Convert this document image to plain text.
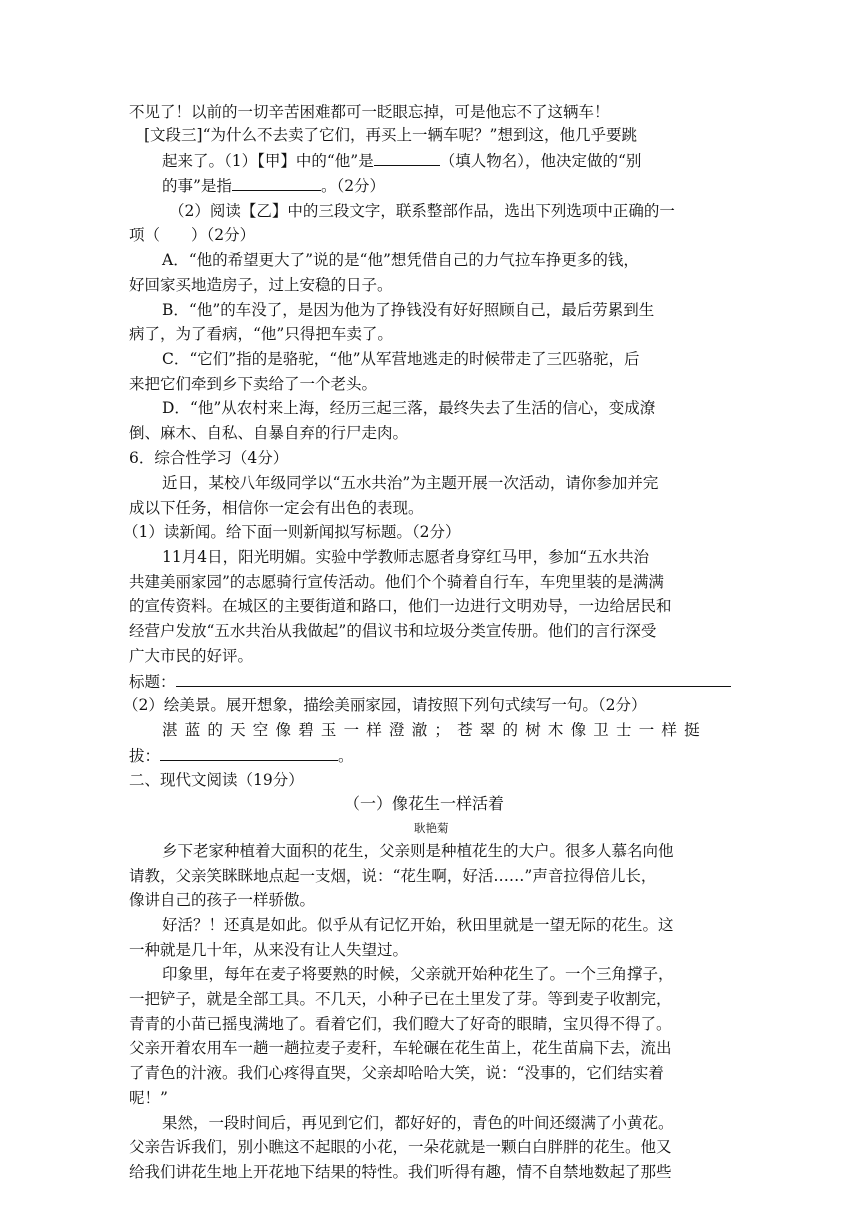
不见了！以前的一切辛苦困难都可一眨眼忘掉，可是他忘不了这辆车！
[文段三]“为什么不去卖了它们，再买上一辆车呢？”想到这，他几乎要跳
起来了。（1）【甲】中的“他”是	（填人物名），他决定做的“别
的事”是指	。（2分）
（2）阅读【乙】中的三段文字，联系整部作品，选出下列选项中正确的一
项（　　）（2分）
A．“他的希望更大了”说的是“他”想凭借自己的力气拉车挣更多的钱，
好回家买地造房子，过上安稳的日子。
B．“他”的车没了，是因为他为了挣钱没有好好照顾自己，最后劳累到生
病了，为了看病，“他”只得把车卖了。
C．“它们”指的是骆驼，“他”从军营地逃走的时候带走了三匹骆驼，后
来把它们牵到乡下卖给了一个老头。
D．“他”从农村来上海，经历三起三落，最终失去了生活的信心，变成潦
倒、麻木、自私、自暴自弃的行尸走肉。
6．综合性学习（4分）
近日，某校八年级同学以“五水共治”为主题开展一次活动，请你参加并完
成以下任务，相信你一定会有出色的表现。
（1）读新闻。给下面一则新闻拟写标题。（2分）
11月4日，阳光明媚。实验中学教师志愿者身穿红马甲，参加“五水共治
共建美丽家园”的志愿骑行宣传活动。他们个个骑着自行车，车兜里装的是满满
的宣传资料。在城区的主要街道和路口，他们一边进行文明劝导，一边给居民和
经营户发放“五水共治从我做起”的倡议书和垃圾分类宣传册。他们的言行深受
广大市民的好评。
标题：
（2）绘美景。展开想象，描绘美丽家园，请按照下列句式续写一句。（2分）
湛蓝的天空像碧玉一样澄澈；苍翠的树木像卫士一样挺
拔：	。
二、现代文阅读（19分）
（一）像花生一样活着
耿艳菊
乡下老家种植着大面积的花生，父亲则是种植花生的大户。很多人慕名向他
请教，父亲笑眯眯地点起一支烟，说：“花生啊，好活……”声音拉得倍儿长，
像讲自己的孩子一样骄傲。
好活？！还真是如此。似乎从有记忆开始，秋田里就是一望无际的花生。这
一种就是几十年，从来没有让人失望过。
印象里，每年在麦子将要熟的时候，父亲就开始种花生了。一个三角撑子，
一把铲子，就是全部工具。不几天，小种子已在土里发了芽。等到麦子收割完，
青青的小苗已摇曳满地了。看着它们，我们瞪大了好奇的眼睛，宝贝得不得了。
父亲开着农用车一趟一趟拉麦子麦秆，车轮碾在花生苗上，花生苗扁下去，流出
了青色的汁液。我们心疼得直哭，父亲却哈哈大笑，说：“没事的，它们结实着
呢！”
果然，一段时间后，再见到它们，都好好的，青色的叶间还缀满了小黄花。
父亲告诉我们，别小瞧这不起眼的小花，一朵花就是一颗白白胖胖的花生。他又
给我们讲花生地上开花地下结果的特性。我们听得有趣，情不自禁地数起了那些
